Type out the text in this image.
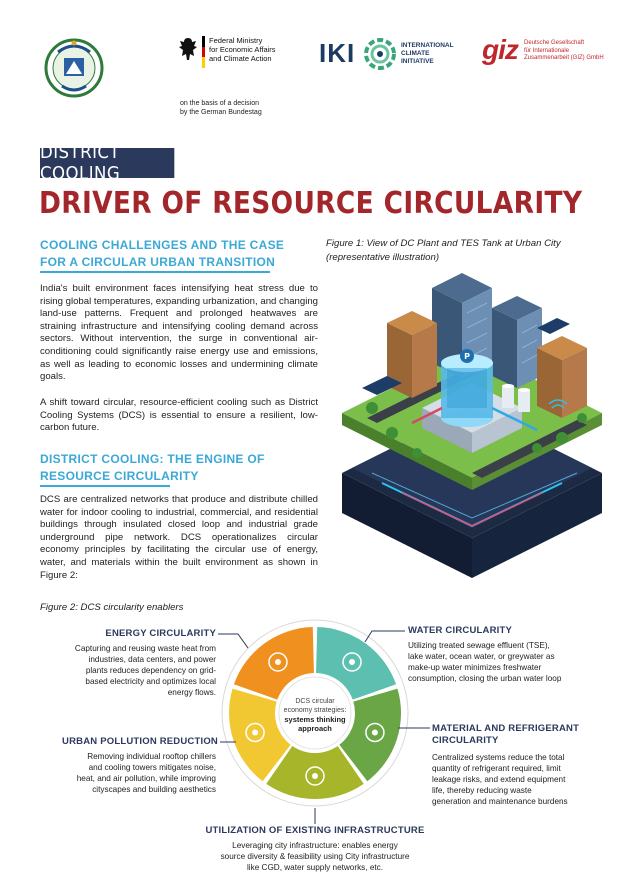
Federal Ministry
for Economic Affairs
and Climate Action
on the basis of a decision
by the German Bundestag
IKI	INTERNATIONAL
CLIMATE
INITIATIVE	giz Deutsche Gesellschaft
für Internationale
Zusammenarbeit (GIZ) GmbH
DISTRICT COOLING
DRIVER OF RESOURCE CIRCULARITY
COOLING CHALLENGES AND THE CASE
FOR A CIRCULAR URBAN TRANSITION

India's built environment faces intensifying heat stress due to rising global temperatures, expanding urbanization, and changing land-use patterns. Frequent and prolonged heatwaves are straining infrastructure and intensifying cooling demand across sectors. Without intervention, the surge in conventional air-conditioning could significantly raise energy use and emissions, as well as leading to economic losses and undermining climate goals.

A shift toward circular, resource-efficient cooling such as District Cooling Systems (DCS) is essential to ensure a resilient, low-carbon future.

DISTRICT COOLING: THE ENGINE OF
RESOURCE CIRCULARITY

DCS are centralized networks that produce and distribute chilled water for indoor cooling to industrial, commercial, and residential buildings through insulated closed loop and industrial grade underground pipe network. DCS operationalizes circular economy principles by facilitating the circular use of energy, water, and materials within the built environment as shown in Figure 2:

Figure 1: View of DC Plant and TES Tank at Urban City
(representative illustration)
P
Figure 2: DCS circularity enablers
DCS circular
economy strategies:
systems thinking
approach
ENERGY CIRCULARITY
Capturing and reusing waste heat from
industries, data centers, and power
plants reduces dependency on grid-
based electricity and optimizes local
energy flows.
WATER CIRCULARITY
Utilizing treated sewage effluent (TSE),
lake water, ocean water, or greywater as
make-up water minimizes freshwater
consumption, closing the urban water loop
MATERIAL AND REFRIGERANT
CIRCULARITY
Centralized systems reduce the total
quantity of refrigerant required, limit
leakage risks, and extend equipment
life, thereby reducing waste
generation and maintenance burdens
URBAN POLLUTION REDUCTION
Removing individual rooftop chillers
and cooling towers mitigates noise,
heat, and air pollution, while improving
cityscapes and building aesthetics
UTILIZATION OF EXISTING INFRASTRUCTURE
Leveraging city infrastructure: enables energy
source diversity & feasibility using City infrastructure
like CGD, water supply networks, etc.
